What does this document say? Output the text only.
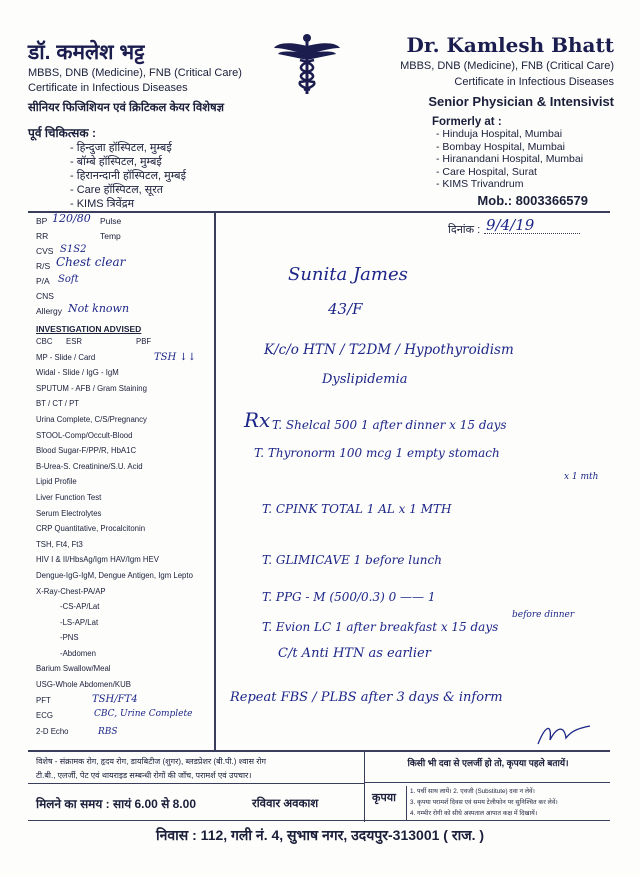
डॉ. कमलेश भट्ट
MBBS, DNB (Medicine), FNB (Critical Care)
Certificate in Infectious Diseases
सीनियर फिजिशियन एवं क्रिटिकल केयर विशेषज्ञ
पूर्व चिकित्सक :
- हिन्दुजा हॉस्पिटल, मुम्बई
- बॉम्बे हॉस्पिटल, मुम्बई
- हिरानन्दानी हॉस्पिटल, मुम्बई
- Care हॉस्पिटल, सूरत
- KIMS त्रिवेंद्रम
Dr. Kamlesh Bhatt
MBBS, DNB (Medicine), FNB (Critical Care)
Certificate in Infectious Diseases
Senior Physician & Intensivist
Formerly at :
- Hinduja Hospital, Mumbai
- Bombay Hospital, Mumbai
- Hiranandani Hospital, Mumbai
- Care Hospital, Surat
- KIMS Trivandrum
Mob.: 8003366579
BP 120/80 Pulse
RR	Temp
CVS S1S2
R/S Chest clear
P/A Soft
CNS
Allergy Not known
INVESTIGATION ADVISED
CBC ESR	PBF
MP - Slide / Card	TSH ↓↓
Widal - Slide / IgG - IgM
SPUTUM - AFB / Gram Staining
BT / CT / PT
Urina Complete, C/S/Pregnancy
STOOL-Comp/Occult-Blood
Blood Sugar-F/PP/R, HbA1C
B-Urea-S. Creatinine/S.U. Acid
Lipid Profile
Liver Function Test
Serum Electrolytes
CRP Quantitative, Procalcitonin
TSH, Ft4, Ft3
HIV I & II/HbsAg/Igm HAV/Igm HEV
Dengue-IgG-IgM, Dengue Antigen, Igm Lepto
X-Ray-Chest-PA/AP
-CS-AP/Lat
-LS-AP/Lat
-PNS
-Abdomen
Barium Swallow/Meal
USG-Whole Abdomen/KUB
PFT	TSH/FT4
ECG	CBC, Urine Complete
2-D Echo	RBS
दिनांक : 9/4/19
Sunita James
43/F
K/c/o HTN / T2DM / Hypothyroidism
Dyslipidemia
Rx T. Shelcal 500 1 after dinner x 15 days
T. Thyronorm 100 mcg 1 empty stomach
x 1 mth
T. CPINK TOTAL 1 AL x 1 MTH
T. GLIMICAVE 1 before lunch
T. PPG - M (500/0.3) 0 —— 1
before dinner
T. Evion LC 1 after breakfast x 15 days
C/t Anti HTN as earlier
Repeat FBS / PLBS after 3 days & inform
विशेष - संक्रामक रोग, हृदय रोग, डायबिटीज (शुगर), ब्लडप्रेशर (बी.पी.) श्वास रोग
टी.बी., एलर्जी, पेट एवं थायराइड सम्बन्धी रोगों की जाँच, परामर्श एवं उपचार।
किसी भी दवा से एलर्जी हो तो, कृपया पहले बतायें।
कृपया
1. पर्ची साथ लायें। 2. एवजी (Substitute) दवा न लेवें।
3. कृपया परामर्श दिवस एवं समय टेलीफोन पर सुनिश्चित कर लेवें।
4. गम्भीर रोगी को सीधे अस्पताल आपात कक्ष में दिखायें।
मिलने का समय : सायं 6.00 से 8.00	रविवार अवकाश
निवास : 112, गली नं. 4, सुभाष नगर, उदयपुर-313001 ( राज. )
